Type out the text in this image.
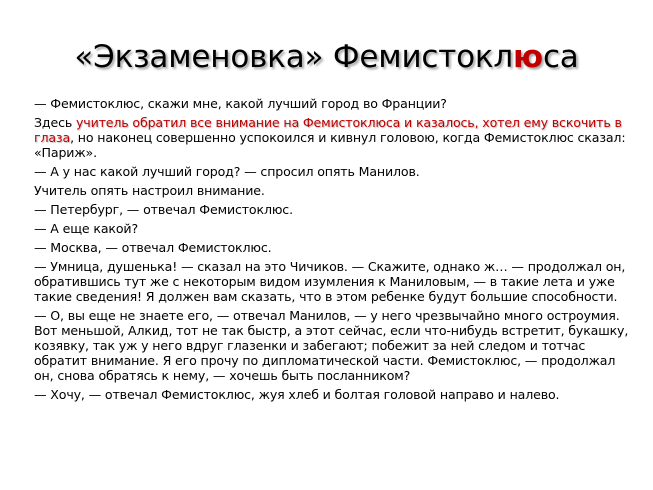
«Экзаменовка» Фемистоклюса

— Фемистоклюс, скажи мне, какой лучший город во Франции?

Здесь учитель обратил все внимание на Фемистоклюса и казалось, хотел ему вскочить в глаза, но наконец совершенно успокоился и кивнул головою, когда Фемистоклюс сказал: «Париж».

— А у нас какой лучший город? — спросил опять Манилов.

Учитель опять настроил внимание.

— Петербург, — отвечал Фемистоклюс.

— А еще какой?

— Москва, — отвечал Фемистоклюс.

— Умница, душенька! — сказал на это Чичиков. — Скажите, однако ж… — продолжал он, обратившись тут же с некоторым видом изумления к Маниловым, — в такие лета и уже такие сведения! Я должен вам сказать, что в этом ребенке будут большие способности.

— О, вы еще не знаете его, — отвечал Манилов, — у него чрезвычайно много остроумия. Вот меньшой, Алкид, тот не так быстр, а этот сейчас, если что-нибудь встретит, букашку, козявку, так уж у него вдруг глазенки и забегают; побежит за ней следом и тотчас обратит внимание. Я его прочу по дипломатической части. Фемистоклюс, — продолжал он, снова обратясь к нему, — хочешь быть посланником?

— Хочу, — отвечал Фемистоклюс, жуя хлеб и болтая головой направо и налево.
